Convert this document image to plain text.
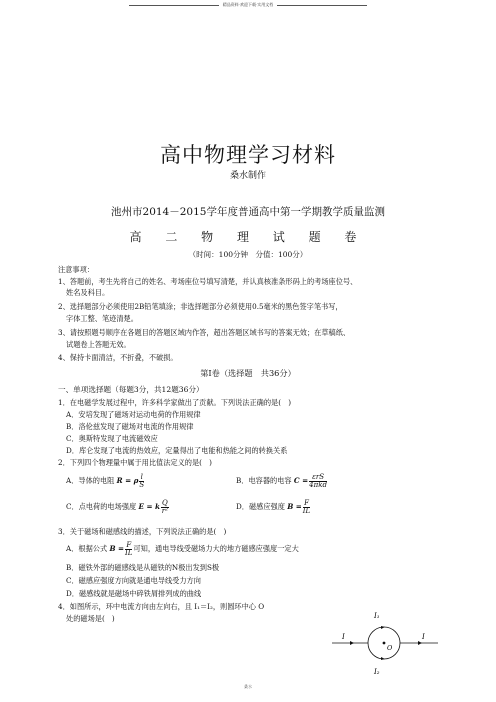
精品资料·欢迎下载·实用文档
高中物理学习材料
桑水制作
池州市2014－2015学年度普通高中第一学期教学质量监测
高 二 物 理 试 题 卷
（时间：100分钟　分值：100分）
注意事项：
1、答题前，考生先将自己的姓名、考场座位号填写清楚，并认真核准条形码上的考场座位号、
姓名及科目。
2、选择题部分必须使用2B铅笔填涂；非选择题部分必须使用0.5毫米的黑色签字笔书写，
字体工整、笔迹清楚。
3、请按照题号顺序在各题目的答题区域内作答，超出答题区域书写的答案无效；在草稿纸、
试题卷上答题无效。
4、保持卡面清洁，不折叠，不破损。
第Ⅰ卷（选择题　共36分）
一、单项选择题（每题3分，共12题36分）
1．在电磁学发展过程中，许多科学家做出了贡献。下列说法正确的是(　)
A．安培发现了磁场对运动电荷的作用规律
B．洛伦兹发现了磁场对电流的作用规律
C．奥斯特发现了电流磁效应
D．库仑发现了电流的热效应，定量得出了电能和热能之间的转换关系
2．下列四个物理量中属于用比值法定义的是(　)
A．导体的电阻 R = ρ $\frac{l}{S}$	B．电容器的电容 $C = \frac{\text{εrS}}{\text{4πkd}}$
C．点电荷的电场强度 E = k $\frac{Q}{\text{r²}}$	D．磁感应强度 $B = \frac{F}{IL}$
3．关于磁场和磁感线的描述，下列说法正确的是(　)
A．根据公式 $B = \frac{F}{IL}$ 可知，通电导线受磁场力大的地方磁感应强度一定大
B．磁铁外部的磁感线是从磁铁的N极出发到S极
C．磁感应强度方向就是通电导线受力方向
D．磁感线就是磁场中碎铁屑排列成的曲线
4．如图所示，环中电流方向由左向右，且 I₁＝I₂，则圆环中心 O
处的磁场是(　)	I₁
I₂
I	I
O
桑水
